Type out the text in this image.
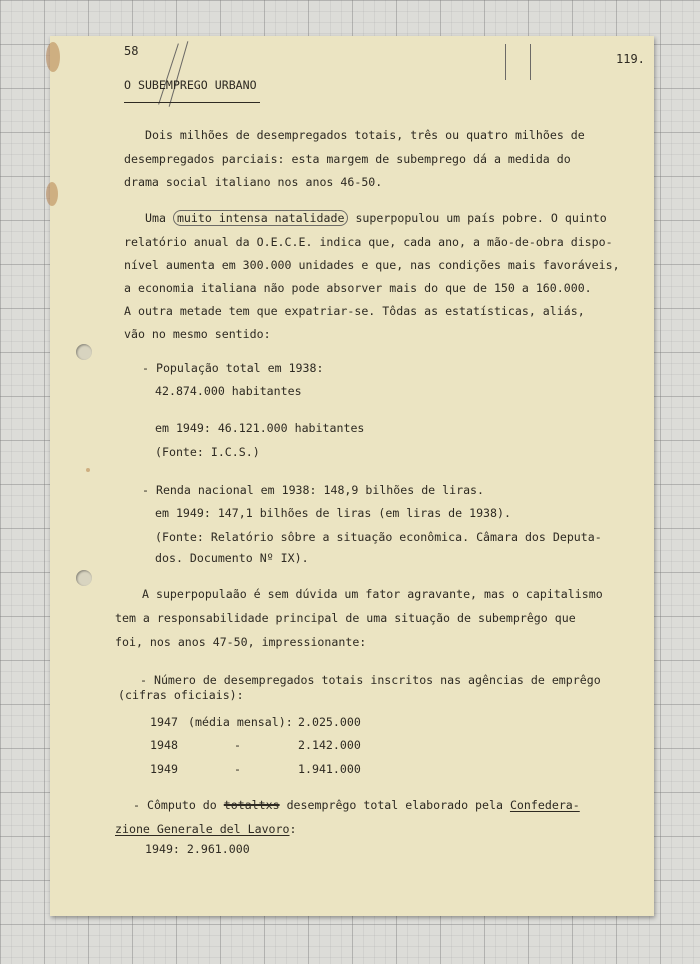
58
119.
O SUBEMPREGO URBANO
Dois milhões de desempregados totais, três ou quatro milhões de
desempregados parciais: esta margem de subemprego dá a medida do
drama social italiano nos anos 46-50.
Uma muito intensa natalidade superpopulou um país pobre. O quinto
relatório anual da O.E.C.E. indica que, cada ano, a mão-de-obra dispo-
nível aumenta em 300.000 unidades e que, nas condições mais favoráveis,
a economia italiana não pode absorver mais do que de 150 a 160.000.
A outra metade tem que expatriar-se. Tôdas as estatísticas, aliás,
vão no mesmo sentido:
- População total em 1938:
42.874.000 habitantes
em 1949: 46.121.000 habitantes
(Fonte: I.C.S.)
- Renda nacional em 1938: 148,9 bilhões de liras.
em 1949: 147,1 bilhões de liras (em liras de 1938).
(Fonte: Relatório sôbre a situação econômica. Câmara dos Deputa-
dos. Documento Nº IX).
A superpopulaão é sem dúvida um fator agravante, mas o capitalismo
tem a responsabilidade principal de uma situação de subemprêgo que
foi, nos anos 47-50, impressionante:
- Número de desempregados totais inscritos nas agências de emprêgo
(cifras oficiais):
1947 (média mensal): 2.025.000
1948	-	2.142.000
1949	-	1.941.000
- Cômputo do totaltxs desemprêgo total elaborado pela Confedera-
zione Generale del Lavoro:
1949: 2.961.000
